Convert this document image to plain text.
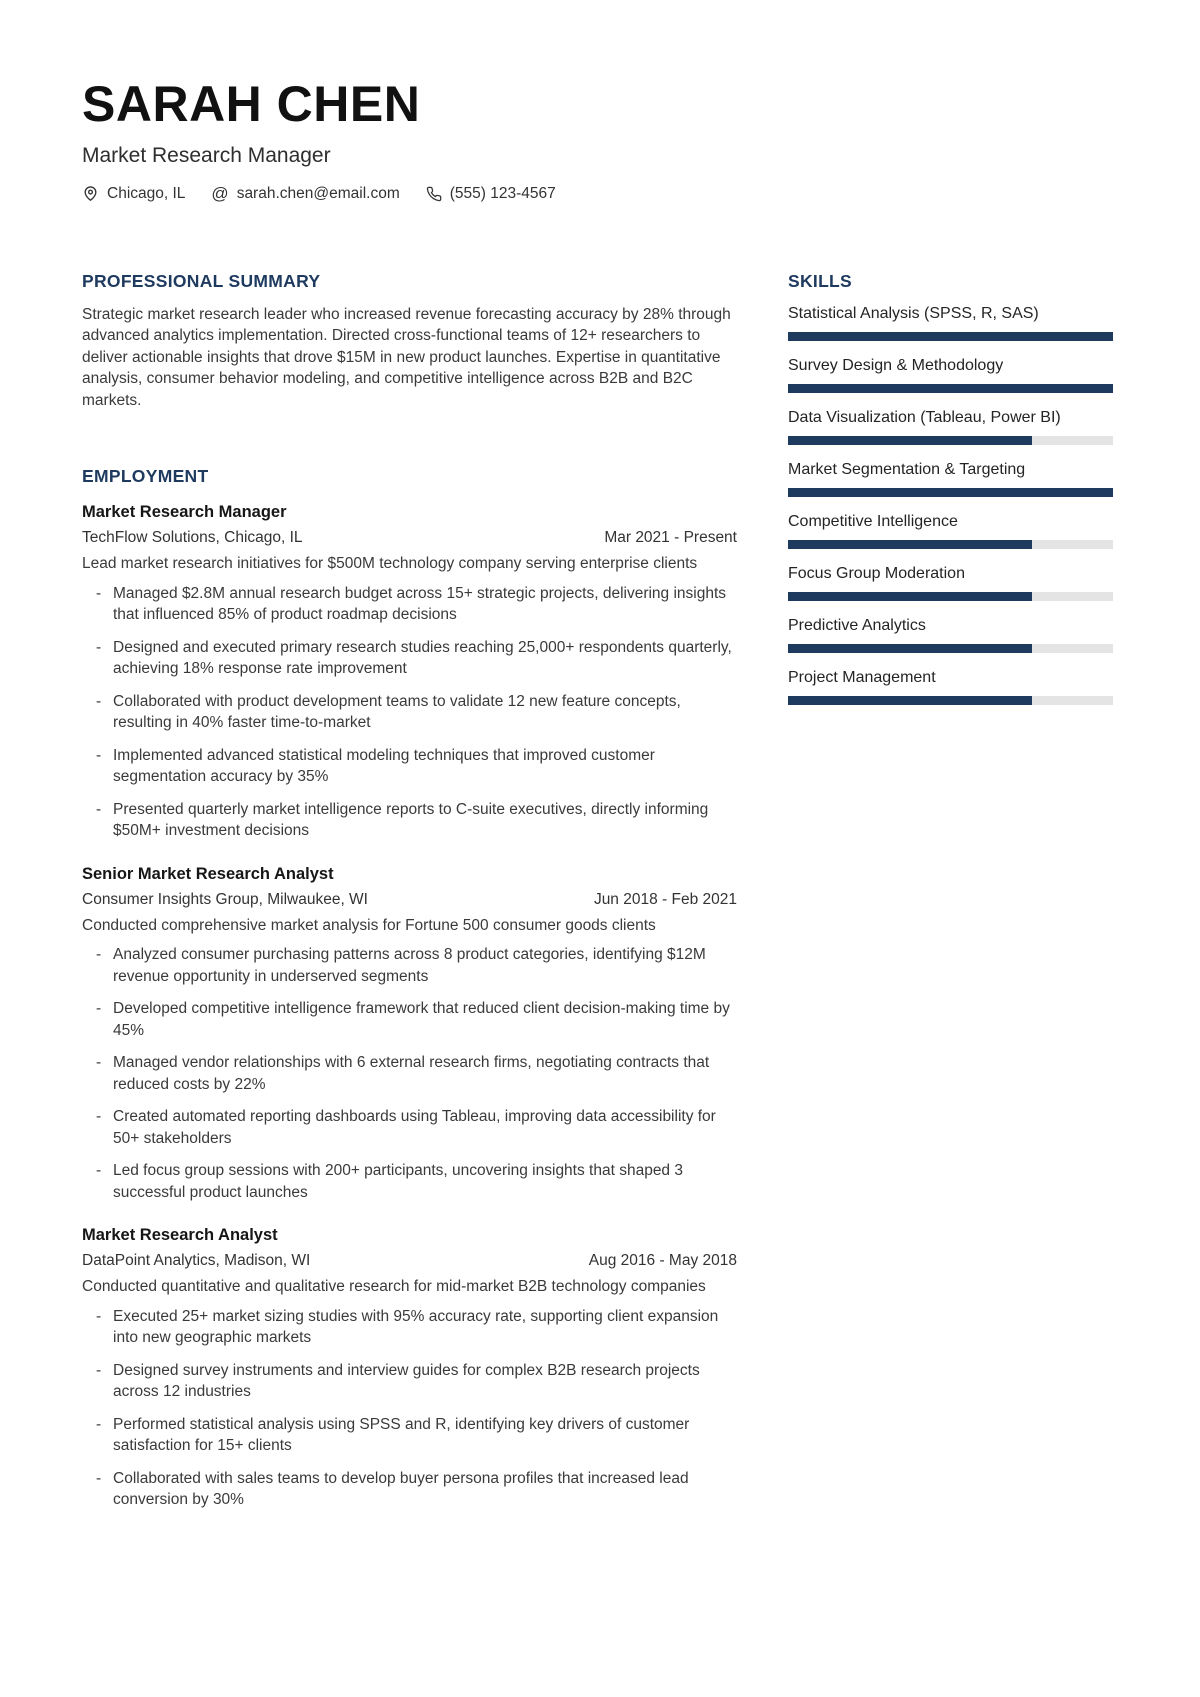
SARAH CHEN
Market Research Manager
Chicago, IL @ sarah.chen@email.com	(555) 123-4567
PROFESSIONAL SUMMARY
Strategic market research leader who increased revenue forecasting accuracy by 28% through advanced analytics implementation. Directed cross-functional teams of 12+ researchers to deliver actionable insights that drove $15M in new product launches. Expertise in quantitative analysis, consumer behavior modeling, and competitive intelligence across B2B and B2C markets.
EMPLOYMENT
Market Research Manager
TechFlow Solutions, Chicago, IL	Mar 2021 - Present
Lead market research initiatives for $500M technology company serving enterprise clients
- Managed $2.8M annual research budget across 15+ strategic projects, delivering insights that influenced 85% of product roadmap decisions
- Designed and executed primary research studies reaching 25,000+ respondents quarterly, achieving 18% response rate improvement
- Collaborated with product development teams to validate 12 new feature concepts, resulting in 40% faster time-to-market
- Implemented advanced statistical modeling techniques that improved customer segmentation accuracy by 35%
- Presented quarterly market intelligence reports to C-suite executives, directly informing $50M+ investment decisions
Senior Market Research Analyst
Consumer Insights Group, Milwaukee, WI	Jun 2018 - Feb 2021
Conducted comprehensive market analysis for Fortune 500 consumer goods clients
- Analyzed consumer purchasing patterns across 8 product categories, identifying $12M revenue opportunity in underserved segments
- Developed competitive intelligence framework that reduced client decision-making time by 45%
- Managed vendor relationships with 6 external research firms, negotiating contracts that reduced costs by 22%
- Created automated reporting dashboards using Tableau, improving data accessibility for 50+ stakeholders
- Led focus group sessions with 200+ participants, uncovering insights that shaped 3 successful product launches
Market Research Analyst
DataPoint Analytics, Madison, WI	Aug 2016 - May 2018
Conducted quantitative and qualitative research for mid-market B2B technology companies
- Executed 25+ market sizing studies with 95% accuracy rate, supporting client expansion into new geographic markets
- Designed survey instruments and interview guides for complex B2B research projects across 12 industries
- Performed statistical analysis using SPSS and R, identifying key drivers of customer satisfaction for 15+ clients
- Collaborated with sales teams to develop buyer persona profiles that increased lead conversion by 30%
SKILLS
Statistical Analysis (SPSS, R, SAS)
Survey Design & Methodology
Data Visualization (Tableau, Power BI)
Market Segmentation & Targeting
Competitive Intelligence
Focus Group Moderation
Predictive Analytics
Project Management
